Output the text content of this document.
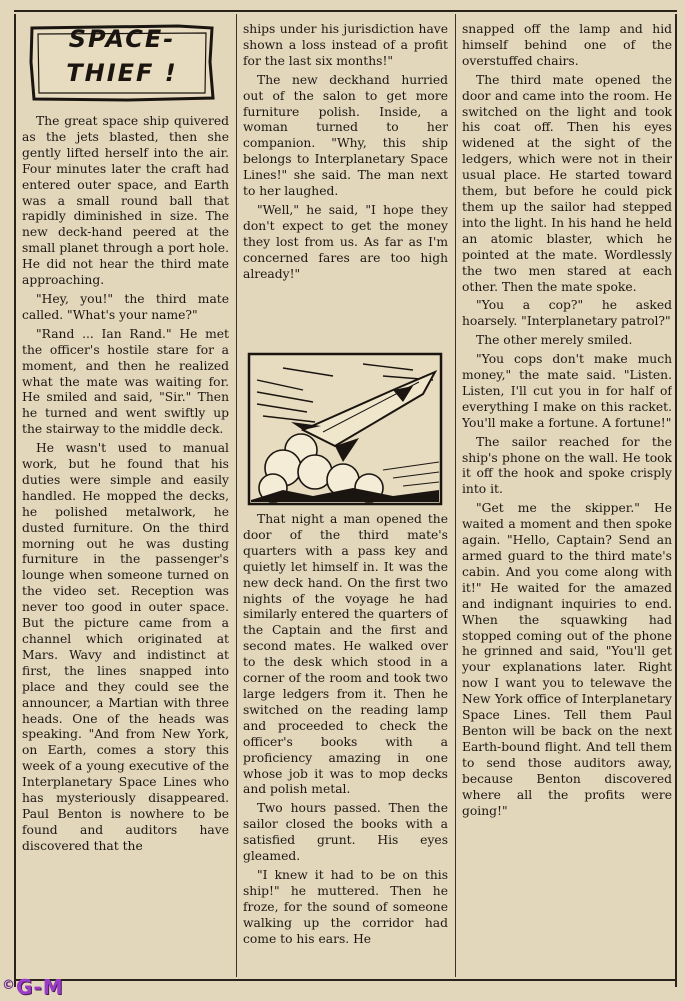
SPACE-
THIEF !

The great space ship quivered as the jets blasted, then she gently lifted herself into the air. Four minutes later the craft had entered outer space, and Earth was a small round ball that rapidly diminished in size. The new deck-hand peered at the small planet through a port hole. He did not hear the third mate approaching.

"Hey, you!" the third mate called. "What's your name?"

"Rand ... Ian Rand." He met the officer's hostile stare for a moment, and then he realized what the mate was waiting for. He smiled and said, "Sir." Then he turned and went swiftly up the stairway to the middle deck.

He wasn't used to manual work, but he found that his duties were simple and easily handled. He mopped the decks, he polished metalwork, he dusted furniture. On the third morning out he was dusting furniture in the passenger's lounge when someone turned on the video set. Reception was never too good in outer space. But the picture came from a channel which originated at Mars. Wavy and indistinct at first, the lines snapped into place and they could see the announcer, a Martian with three heads. One of the heads was speaking. "And from New York, on Earth, comes a story this week of a young executive of the Interplanetary Space Lines who has mysteriously disappeared. Paul Benton is nowhere to be found and auditors have discovered that the

ships under his jurisdiction have shown a loss instead of a profit for the last six months!"

The new deckhand hurried out of the salon to get more furniture polish. Inside, a woman turned to her companion. "Why, this ship belongs to Interplanetary Space Lines!" she said. The man next to her laughed.

"Well," he said, "I hope they don't expect to get the money they lost from us. As far as I'm concerned fares are too high already!"

That night a man opened the door of the third mate's quarters with a pass key and quietly let himself in. It was the new deck hand. On the first two nights of the voyage he had similarly entered the quarters of the Captain and the first and second mates. He walked over to the desk which stood in a corner of the room and took two large ledgers from it. Then he switched on the reading lamp and proceeded to check the officer's books with a proficiency amazing in one whose job it was to mop decks and polish metal.

Two hours passed. Then the sailor closed the books with a satisfied grunt. His eyes gleamed.

"I knew it had to be on this ship!" he muttered. Then he froze, for the sound of someone walking up the corridor had come to his ears. He

snapped off the lamp and hid himself behind one of the overstuffed chairs.

The third mate opened the door and came into the room. He switched on the light and took his coat off. Then his eyes widened at the sight of the ledgers, which were not in their usual place. He started toward them, but before he could pick them up the sailor had stepped into the light. In his hand he held an atomic blaster, which he pointed at the mate. Wordlessly the two men stared at each other. Then the mate spoke.

"You a cop?" he asked hoarsely. "Interplanetary patrol?"

The other merely smiled.

"You cops don't make much money," the mate said. "Listen. Listen, I'll cut you in for half of everything I make on this racket. You'll make a fortune. A fortune!"

The sailor reached for the ship's phone on the wall. He took it off the hook and spoke crisply into it.

"Get me the skipper." He waited a moment and then spoke again. "Hello, Captain? Send an armed guard to the third mate's cabin. And you come along with it!" He waited for the amazed and indignant inquiries to end. When the squawking had stopped coming out of the phone he grinned and said, "You'll get your explanations later. Right now I want you to telewave the New York office of Interplanetary Space Lines. Tell them Paul Benton will be back on the next Earth-bound flight. And tell them to send those auditors away, because Benton discovered where all the profits were going!"

©G-M
